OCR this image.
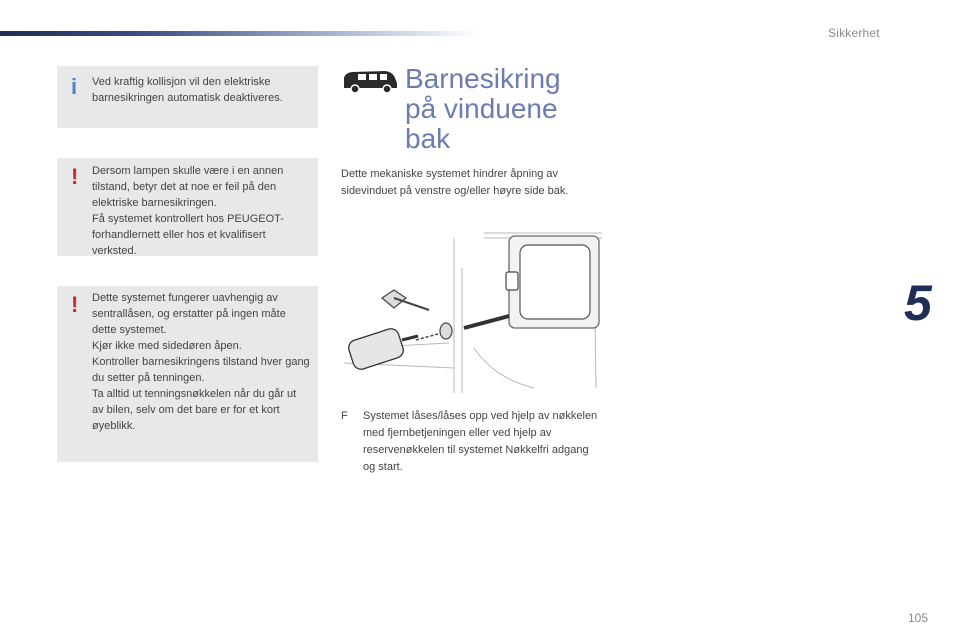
Sikkerhet
i Ved kraftig kollisjon vil den elektriske barnesikringen automatisk deaktiveres.

! Dersom lampen skulle være i en annen tilstand, betyr det at noe er feil på den elektriske barnesikringen.

Få systemet kontrollert hos PEUGEOT-forhandlernett eller hos et kvalifisert verksted.

! Dette systemet fungerer uavhengig av sentrallåsen, og erstatter på ingen måte dette systemet.

Kjør ikke med sidedøren åpen.

Kontroller barnesikringens tilstand hver gang du setter på tenningen.

Ta alltid ut tenningsnøkkelen når du går ut av bilen, selv om det bare er for et kort øyeblikk.

Barnesikring
på vinduene
bak
Dette mekaniske systemet hindrer åpning av sidevinduet på venstre og/eller høyre side bak.
F Systemet låses/låses opp ved hjelp av nøkkelen med fjernbetjeningen eller ved hjelp av reservenøkkelen til systemet Nøkkelfri adgang og start.
5
105
